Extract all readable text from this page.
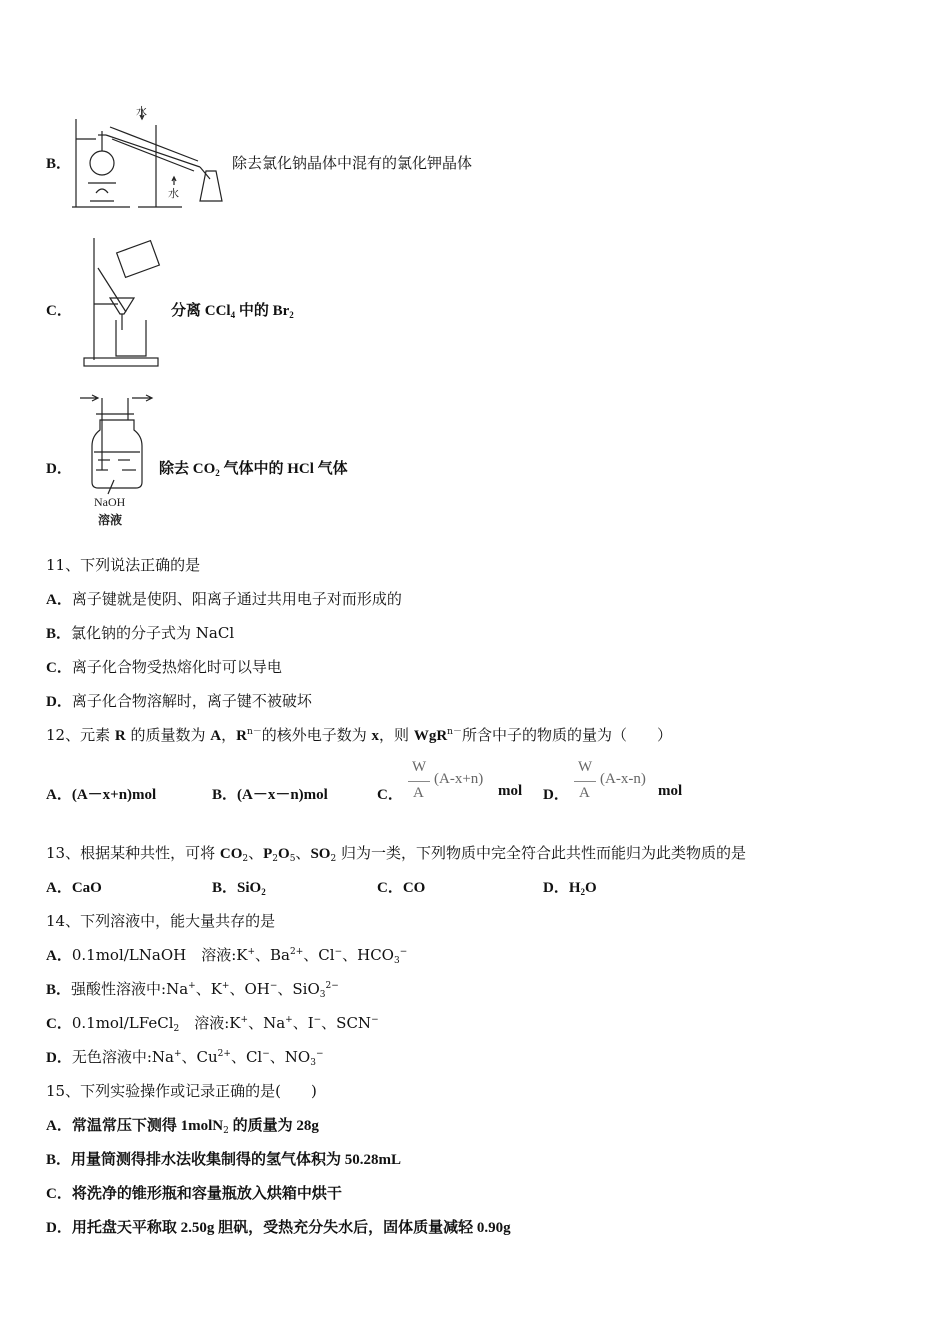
B．
水
水
除去氯化钠晶体中混有的氯化钾晶体
C．	分离 CCl$_4$ 中的 $Br_2$
D．
NaOH
溶液
除去 $CO_2$ 气体中的 HCl 气体
11、下列说法正确的是
A．离子键就是使阴、阳离子通过共用电子对而形成的
B．氯化钠的分子式为 NaCl
C．离子化合物受热熔化时可以导电
D．离子化合物溶解时，离子键不被破坏
12、元素 R 的质量数为 A，$R^{n-}$的核外电子数为 x，则 WgR$^{n-}$所含中子的物质的量为（　　）
A．(A－x+n)mol	B．(A－x－n)mol	C．
W
A
(A-x+n)
mol D．
W
A
(A-x-n)
mol
13、根据某种共性，可将 $CO_2$、$P_2O_5$、$SO_2$ 归为一类，下列物质中完全符合此共性而能归为此类物质的是
A．CaO	B．SiO$_2$	C．CO	D．$H_2O$
14、下列溶液中，能大量共存的是
A．0.1mol/LNaOH　溶液:K+、$Ba^{2+}$、Cl−、$HCO_3^-$
B．强酸性溶液中:Na+、K+、OH−、SiO$_3^{2-}$
C．0.1mol/LFeCl$_2$　溶液:K+、Na+、I−、SCN−
D．无色溶液中:Na+、$Cu^{2+}$、Cl−、$NO_3^-$
15、下列实验操作或记录正确的是(　　)
A．常温常压下测得 1molN$_2$ 的质量为 28g
B．用量筒测得排水法收集制得的氢气体积为 50.28mL
C．将洗净的锥形瓶和容量瓶放入烘箱中烘干
D．用托盘天平称取 2.50g 胆矾，受热充分失水后，固体质量减轻 0.90g
